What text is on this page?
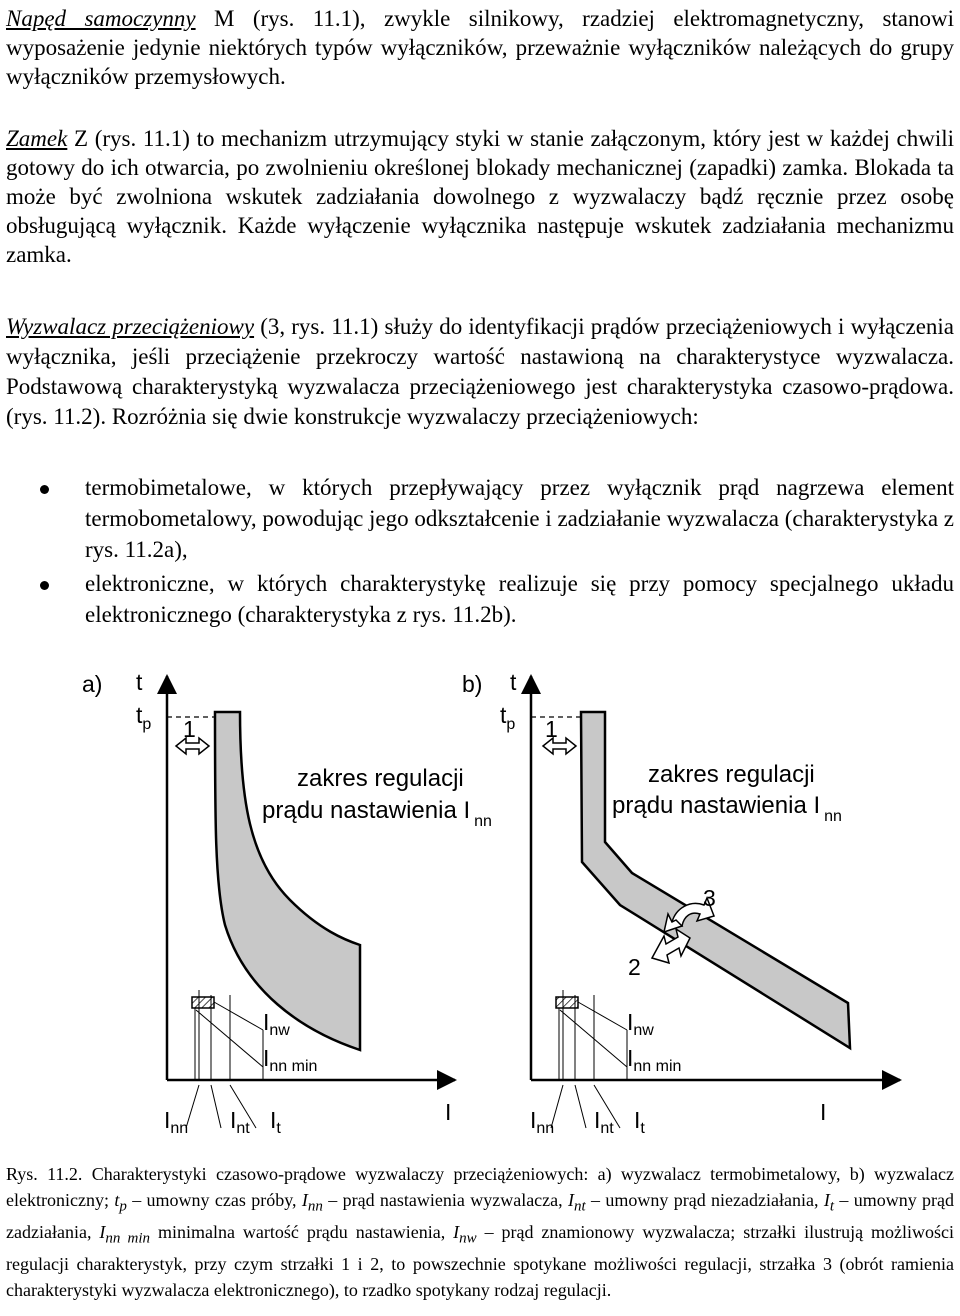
Napęd samoczynny M (rys. 11.1), zwykle silnikowy, rzadziej elektromagnetyczny, stanowi wyposażenie jedynie niektórych typów wyłączników, przeważnie wyłączników należących do grupy wyłączników przemysłowych.

Zamek Z (rys. 11.1) to mechanizm utrzymujący styki w stanie załączonym, który jest w każdej chwili gotowy do ich otwarcia, po zwolnieniu określonej blokady mechanicznej (zapadki) zamka. Blokada ta może być zwolniona wskutek zadziałania dowolnego z wyzwalaczy bądź ręcznie przez osobę obsługującą wyłącznik. Każde wyłączenie wyłącznika następuje wskutek zadziałania mechanizmu zamka.

Wyzwalacz przeciążeniowy (3, rys. 11.1) służy do identyfikacji prądów przeciążeniowych i wyłączenia wyłącznika, jeśli przeciążenie przekroczy wartość nastawioną na charakterystyce wyzwalacza. Podstawową charakterystyką wyzwalacza przeciążeniowego jest charakterystyka czasowo-prądowa. (rys. 11.2). Rozróżnia się dwie konstrukcje wyzwalaczy przeciążeniowych:

termobimetalowe, w których przepływający przez wyłącznik prąd nagrzewa element termobometalowy, powodując jego odkształcenie i zadziałanie wyzwalacza (charakterystyka z rys. 11.2a),
elektroniczne, w których charakterystykę realizuje się przy pomocy specjalnego układu elektronicznego (charakterystyka z rys. 11.2b).
a) t
$t_p$ 1
zakres regulacji
prądu nastawienia I $_{nn}$
$I_{nw}$
$I_{nn min}$
I
$I_{nn}$ $I_{nt}$ $I_t$
b) t
$t_p$ 1
zakres regulacji
prądu nastawienia I $_{nn}$
2
3
$I_{nw}$
$I_{nn min}$
I
$I_{nn}$ $I_{nt}$ $I_t$

Rys. 11.2. Charakterystyki czasowo-prądowe wyzwalaczy przeciążeniowych: a) wyzwalacz termobimetalowy, b) wyzwalacz elektroniczny; $t_p$ – umowny czas próby, $I_{nn}$ – prąd nastawienia wyzwalacza, $I_{nt}$ – umowny prąd niezadziałania, $I_t$ – umowny prąd zadziałania, $I_{nn min}$ minimalna wartość prądu nastawienia, $I_{nw}$ – prąd znamionowy wyzwalacza; strzałki ilustrują możliwości regulacji charakterystyk, przy czym strzałki 1 i 2, to powszechnie spotykane możliwości regulacji, strzałka 3 (obrót ramienia charakterystyki wyzwalacza elektronicznego), to rzadko spotykany rodzaj regulacji.
